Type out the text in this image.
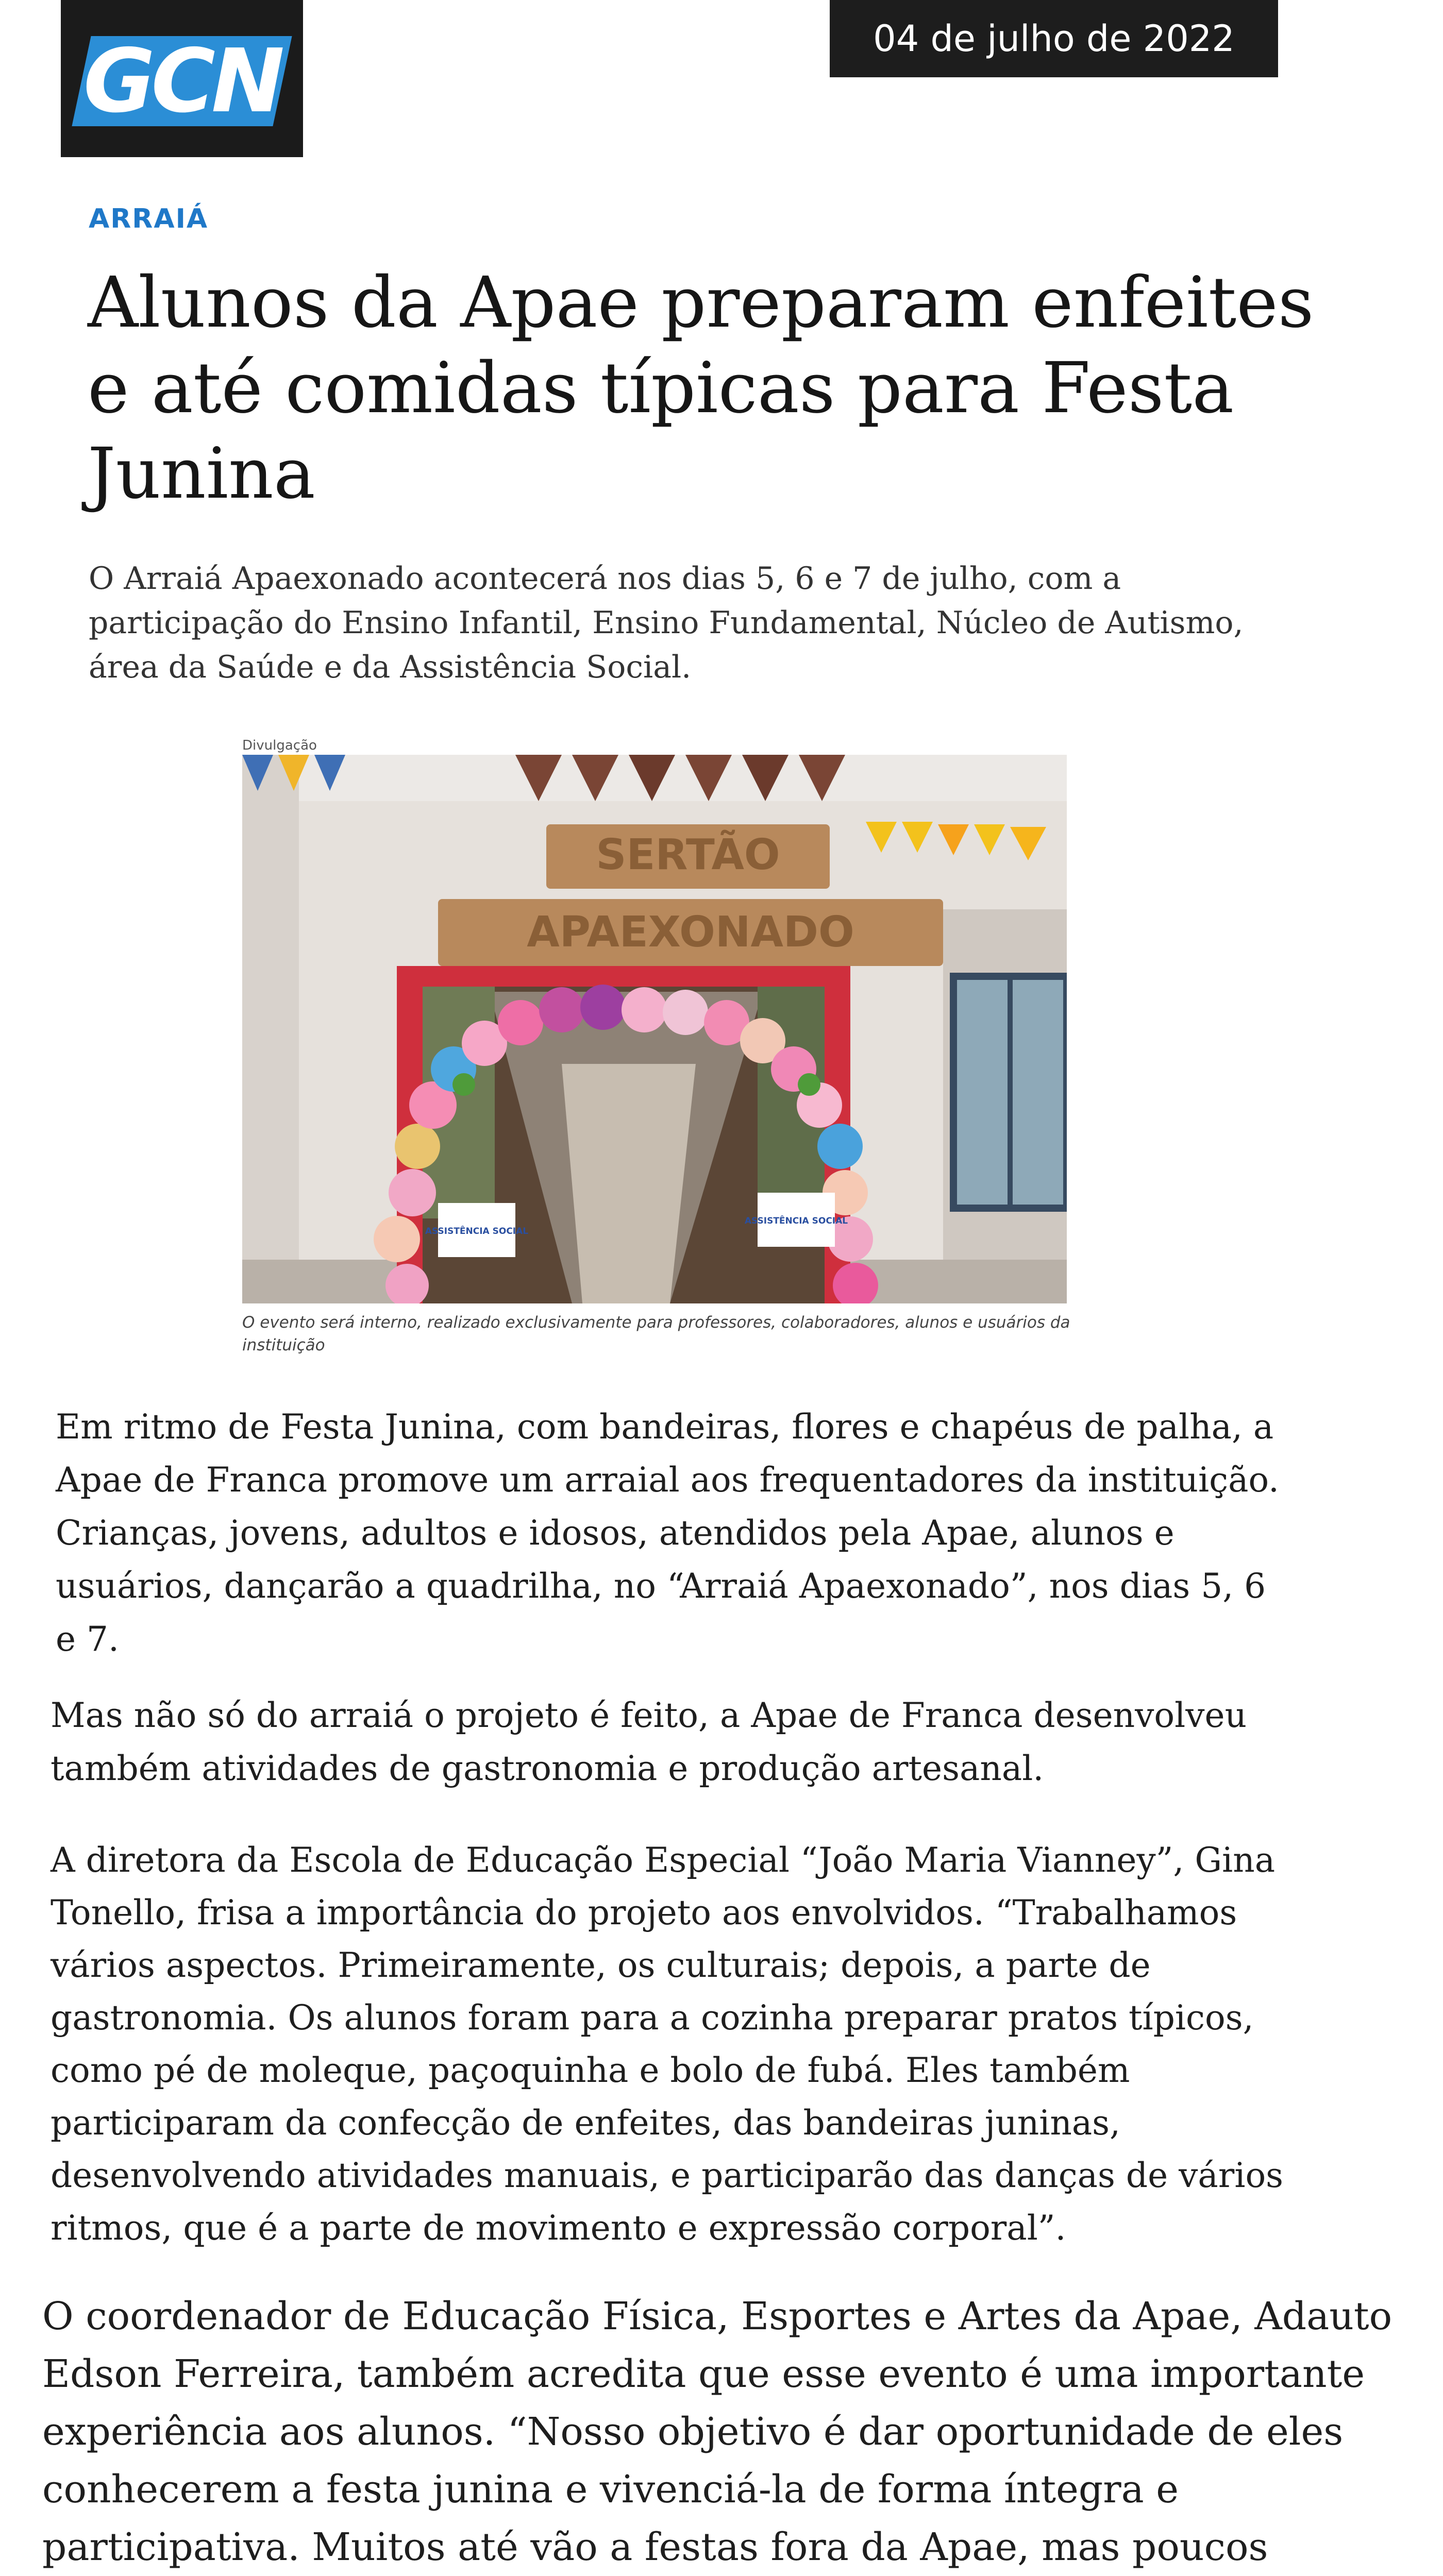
GCN	04 de julho de 2022
ARRAIÁ
Alunos da Apae preparam enfeites e até comidas típicas para Festa Junina
O Arraiá Apaexonado acontecerá nos dias 5, 6 e 7 de julho, com a participação do Ensino Infantil, Ensino Fundamental, Núcleo de Autismo, área da Saúde e da Assistência Social.
Divulgação
SERTÃO
APAEXONADO
ASSISTÊNCIA SOCIAL
ASSISTÊNCIA SOCIAL
O evento será interno, realizado exclusivamente para professores, colaboradores, alunos e usuários da instituição

Em ritmo de Festa Junina, com bandeiras, flores e chapéus de palha, a Apae de Franca promove um arraial aos frequentadores da instituição. Crianças, jovens, adultos e idosos, atendidos pela Apae, alunos e usuários, dançarão a quadrilha, no “Arraiá Apaexonado”, nos dias 5, 6 e 7.

Mas não só do arraiá o projeto é feito, a Apae de Franca desenvolveu também atividades de gastronomia e produção artesanal.

A diretora da Escola de Educação Especial “João Maria Vianney”, Gina Tonello, frisa a importância do projeto aos envolvidos. “Trabalhamos vários aspectos. Primeiramente, os culturais; depois, a parte de gastronomia. Os alunos foram para a cozinha preparar pratos típicos, como pé de moleque, paçoquinha e bolo de fubá. Eles também participaram da confecção de enfeites, das bandeiras juninas, desenvolvendo atividades manuais, e participarão das danças de vários ritmos, que é a parte de movimento e expressão corporal”.

O coordenador de Educação Física, Esportes e Artes da Apae, Adauto Edson Ferreira, também acredita que esse evento é uma importante experiência aos alunos. “Nosso objetivo é dar oportunidade de eles conhecerem a festa junina e vivenciá-la de forma íntegra e participativa. Muitos até vão a festas fora da Apae, mas poucos
